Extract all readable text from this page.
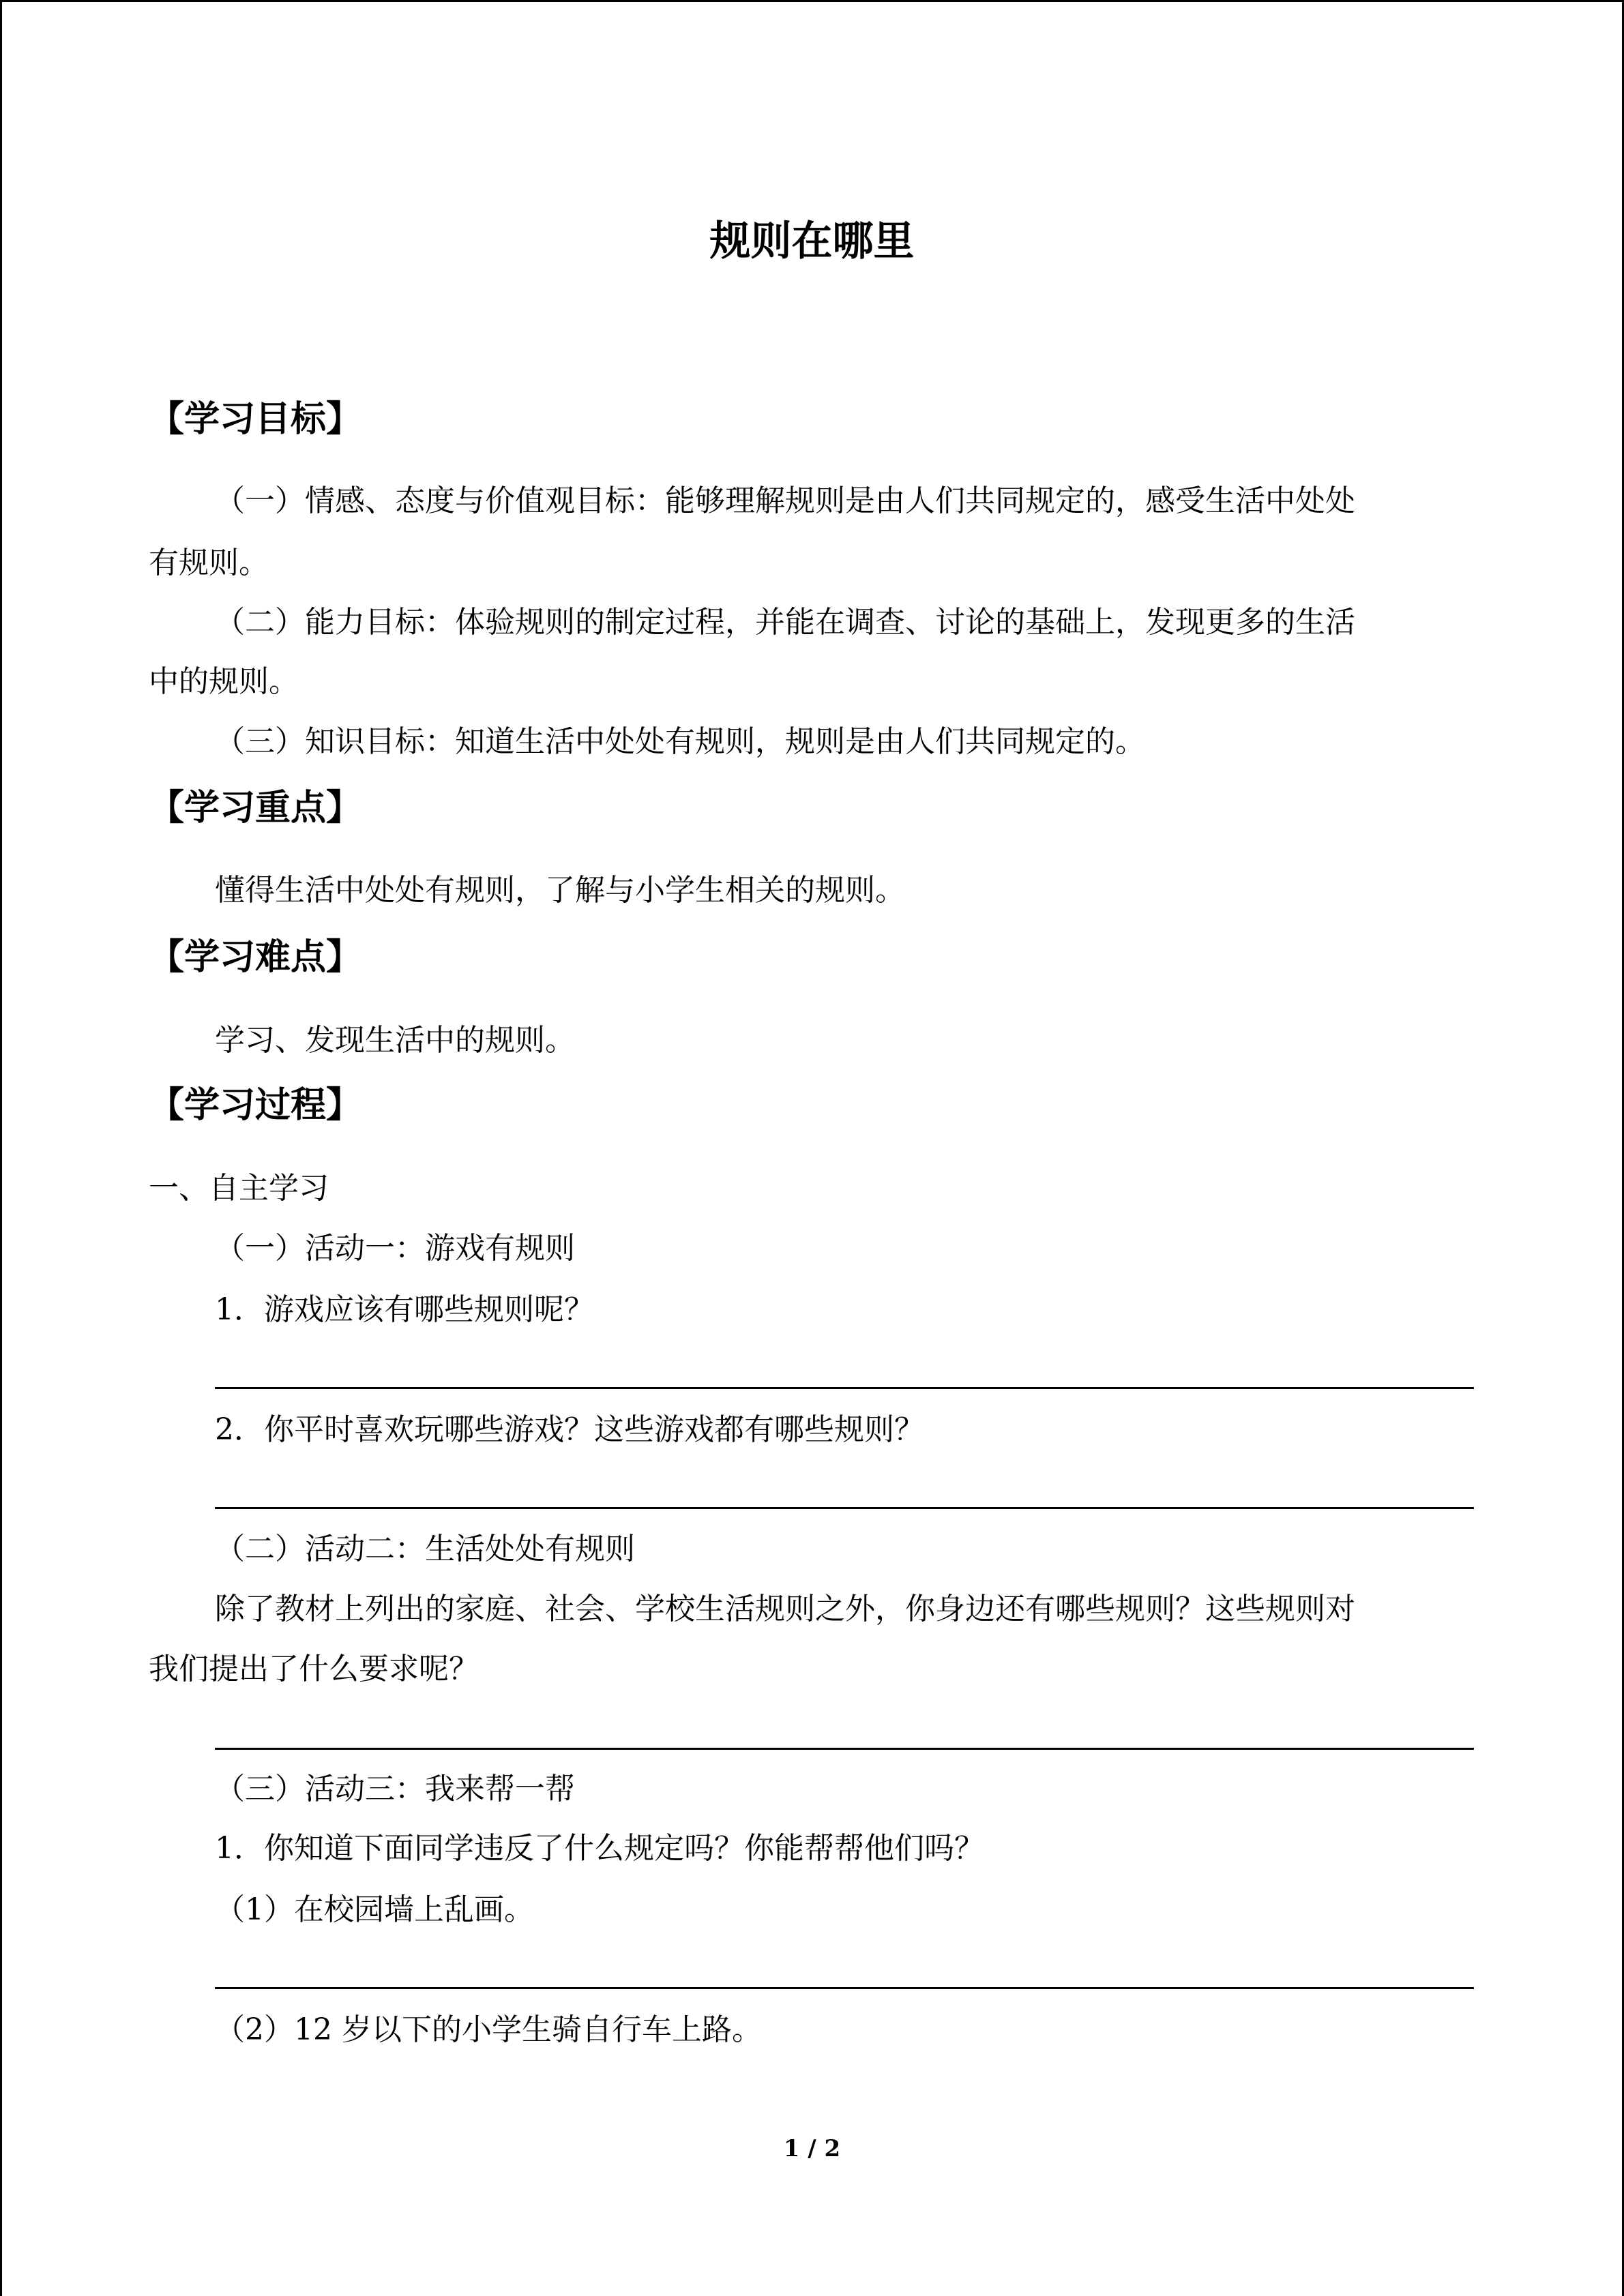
规则在哪里
【学习目标】
（一）情感、态度与价值观目标：能够理解规则是由人们共同规定的，感受生活中处处
有规则。
（二）能力目标：体验规则的制定过程，并能在调查、讨论的基础上，发现更多的生活
中的规则。
（三）知识目标：知道生活中处处有规则，规则是由人们共同规定的。
【学习重点】
懂得生活中处处有规则，了解与小学生相关的规则。
【学习难点】
学习、发现生活中的规则。
【学习过程】
一、自主学习
（一）活动一：游戏有规则
1．游戏应该有哪些规则呢？
2．你平时喜欢玩哪些游戏？这些游戏都有哪些规则？
（二）活动二：生活处处有规则
除了教材上列出的家庭、社会、学校生活规则之外，你身边还有哪些规则？这些规则对
我们提出了什么要求呢？
（三）活动三：我来帮一帮
1．你知道下面同学违反了什么规定吗？你能帮帮他们吗？
（1）在校园墙上乱画。
（2）12 岁以下的小学生骑自行车上路。
1 / 2
